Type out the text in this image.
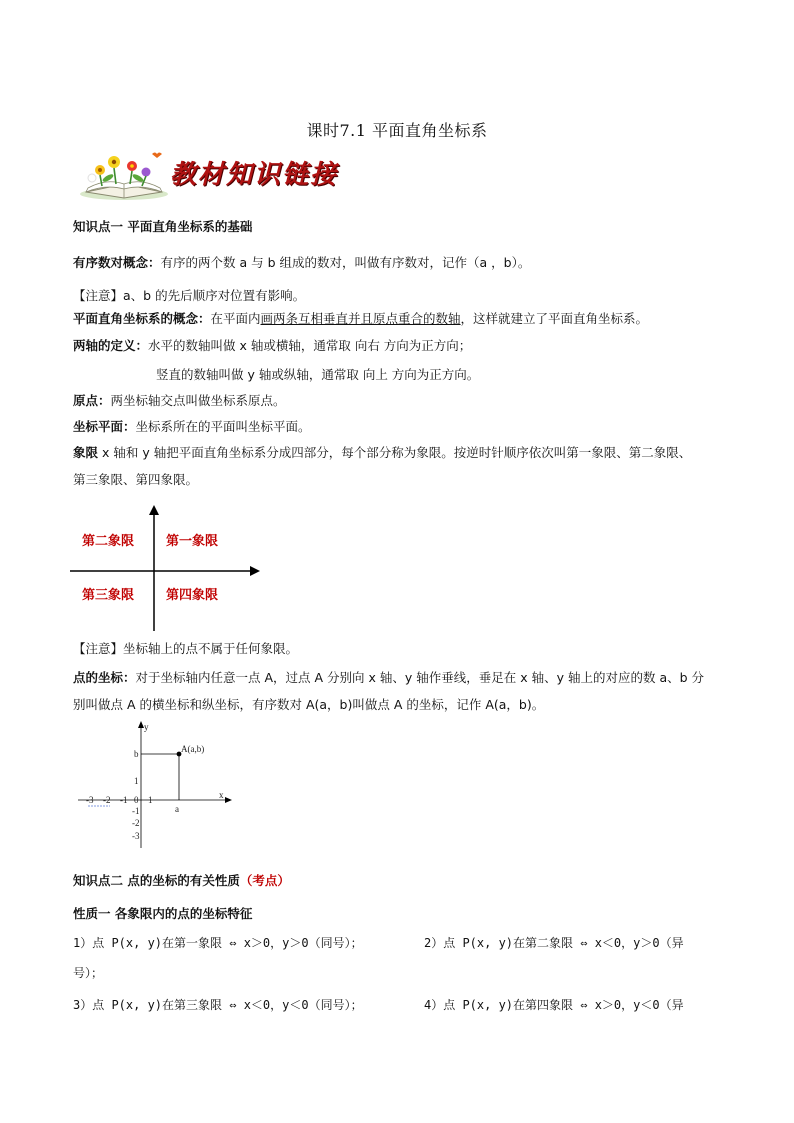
课时7.1 平面直角坐标系
教材知识链接
知识点一 平面直角坐标系的基础
有序数对概念：有序的两个数 a 与 b 组成的数对，叫做有序数对，记作（a ，b）。
【注意】a、b 的先后顺序对位置有影响。
平面直角坐标系的概念：在平面内画两条互相垂直并且原点重合的数轴，这样就建立了平面直角坐标系。
两轴的定义：水平的数轴叫做 x 轴或横轴，通常取 向右 方向为正方向；
竖直的数轴叫做 y 轴或纵轴，通常取 向上 方向为正方向。
原点：两坐标轴交点叫做坐标系原点。
坐标平面：坐标系所在的平面叫坐标平面。
象限 x 轴和 y 轴把平面直角坐标系分成四部分，每个部分称为象限。按逆时针顺序依次叫第一象限、第二象限、
第三象限、第四象限。
第二象限 第一象限
第三象限 第四象限
【注意】坐标轴上的点不属于任何象限。
点的坐标：对于坐标轴内任意一点 A，过点 A 分别向 x 轴、y 轴作垂线，垂足在 x 轴、y 轴上的对应的数 a、b 分
别叫做点 A 的横坐标和纵坐标，有序数对 A(a，b)叫做点 A 的坐标，记作 A(a，b)。
y
x
A(a,b)
b
a
-3 -2 -1 0 1
1
-1
-2
-3
知识点二 点的坐标的有关性质（考点）
性质一 各象限内的点的坐标特征
1）点 P(x, y)在第一象限 ⇔ x＞0，y＞0（同号）；	2）点 P(x, y)在第二象限 ⇔ x＜0，y＞0（异
号）；
3）点 P(x, y)在第三象限 ⇔ x＜0，y＜0（同号）；	4）点 P(x, y)在第四象限 ⇔ x＞0，y＜0（异
